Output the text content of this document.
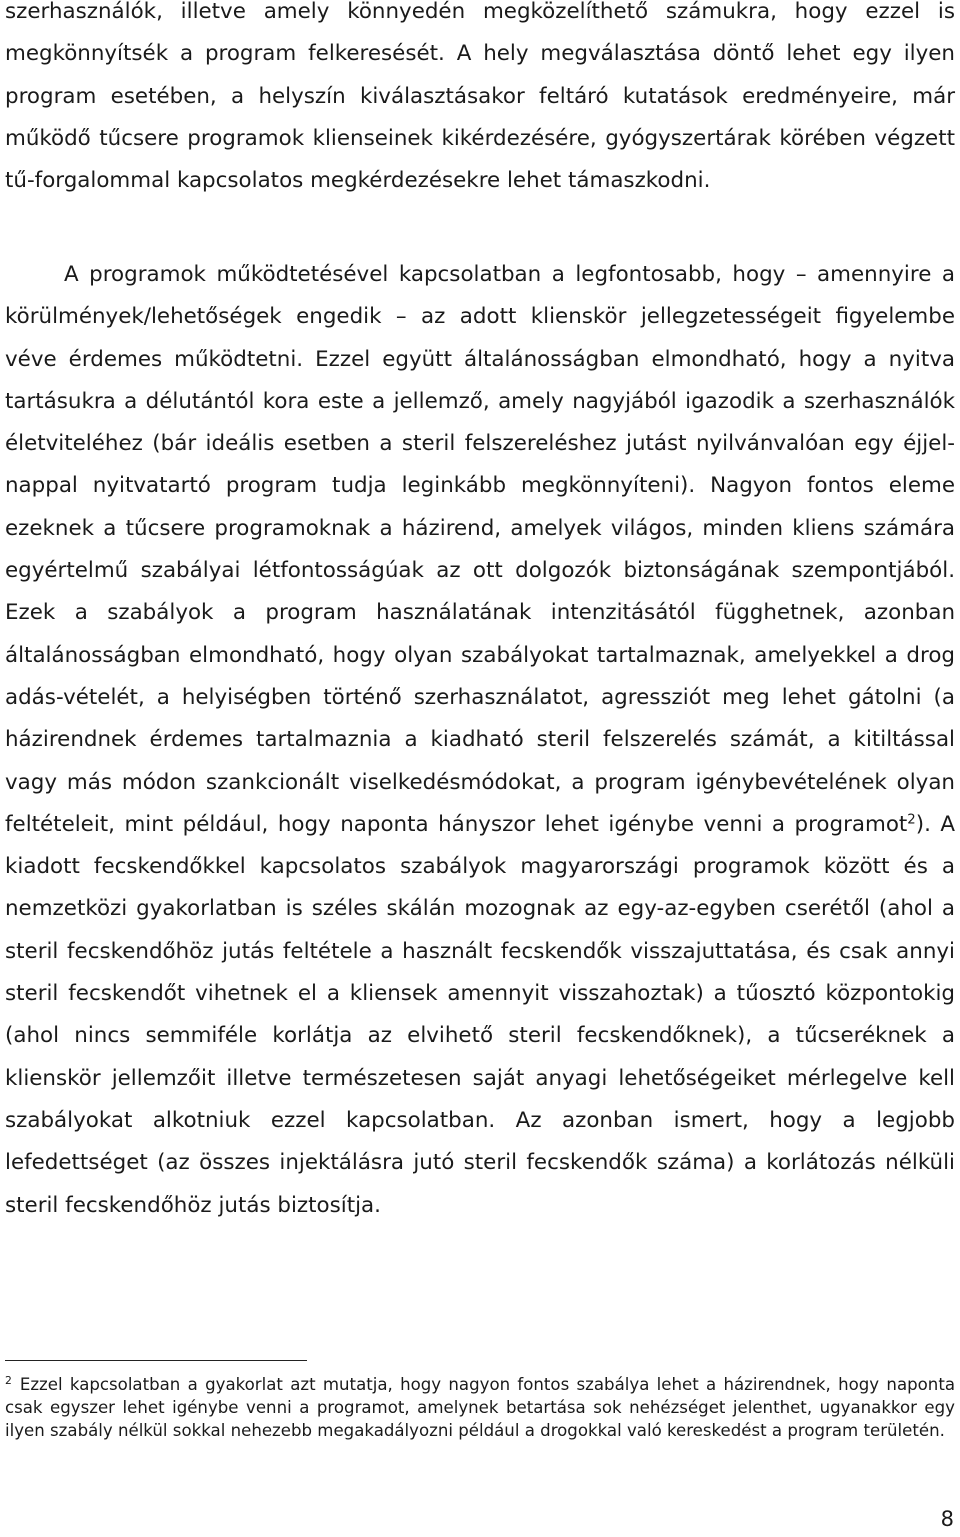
szerhasználók, illetve amely könnyedén megközelíthető számukra, hogy ezzel is megkönnyítsék a program felkeresését. A hely megválasztása döntő lehet egy ilyen program esetében, a helyszín kiválasztásakor feltáró kutatások eredményeire, már működő tűcsere programok klienseinek kikérdezésére, gyógyszertárak körében végzett tű-forgalommal kapcsolatos megkérdezésekre lehet támaszkodni.

A programok működtetésével kapcsolatban a legfontosabb, hogy – amennyire a körülmények/lehetőségek engedik – az adott klienskör jellegzetességeit figyelembe véve érdemes működtetni. Ezzel együtt általánosságban elmondható, hogy a nyitva tartásukra a délutántól kora este a jellemző, amely nagyjából igazodik a szerhasználók életviteléhez (bár ideális esetben a steril felszereléshez jutást nyilvánvalóan egy éjjel-nappal nyitvatartó program tudja leginkább megkönnyíteni). Nagyon fontos eleme ezeknek a tűcsere programoknak a házirend, amelyek világos, minden kliens számára egyértelmű szabályai létfontosságúak az ott dolgozók biztonságának szempontjából. Ezek a szabályok a program használatának intenzitásától függhetnek, azonban általánosságban elmondható, hogy olyan szabályokat tartalmaznak, amelyekkel a drog adás-vételét, a helyiségben történő szerhasználatot, agressziót meg lehet gátolni (a házirendnek érdemes tartalmaznia a kiadható steril felszerelés számát, a kitiltással vagy más módon szankcionált viselkedésmódokat, a program igénybevételének olyan feltételeit, mint például, hogy naponta hányszor lehet igénybe venni a programot$^2$). A kiadott fecskendőkkel kapcsolatos szabályok magyarországi programok között és a nemzetközi gyakorlatban is széles skálán mozognak az egy-az-egyben cserétől (ahol a steril fecskendőhöz jutás feltétele a használt fecskendők visszajuttatása, és csak annyi steril fecskendőt vihetnek el a kliensek amennyit visszahoztak) a tűosztó központokig (ahol nincs semmiféle korlátja az elvihető steril fecskendőknek), a tűcseréknek a klienskör jellemzőit illetve természetesen saját anyagi lehetőségeiket mérlegelve kell szabályokat alkotniuk ezzel kapcsolatban. Az azonban ismert, hogy a legjobb lefedettséget (az összes injektálásra jutó steril fecskendők száma) a korlátozás nélküli steril fecskendőhöz jutás biztosítja.

$^2$ Ezzel kapcsolatban a gyakorlat azt mutatja, hogy nagyon fontos szabálya lehet a házirendnek, hogy naponta csak egyszer lehet igénybe venni a programot, amelynek betartása sok nehézséget jelenthet, ugyanakkor egy ilyen szabály nélkül sokkal nehezebb megakadályozni például a drogokkal való kereskedést a program területén.

8
